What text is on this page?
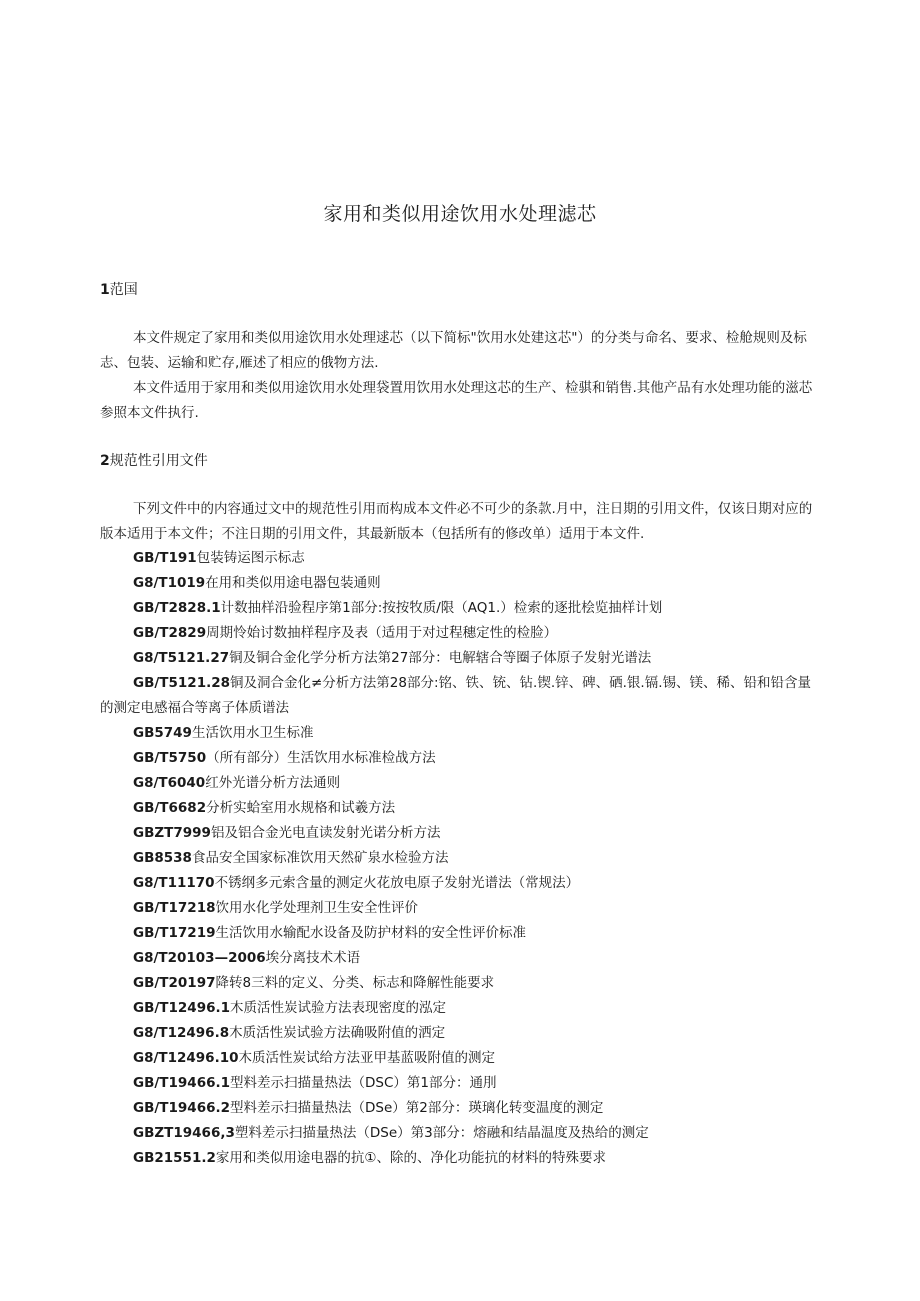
家用和类似用途饮用水处理滤芯
1范国

本文件规定了家用和类似用途饮用水处理逑芯（以下简标"饮用水处建这芯"）的分类与命名、要求、检舱规则及标志、包装、运输和贮存,雁述了相应的俄物方法.

本文件适用于家用和类似用途饮用水处理袋置用饮用水处理这芯的生产、检骐和销售.其他产品有水处理功能的滋芯参照本文件执行.

2规范性引用文件

下列文件中的内容通过文中的规范性引用而构成本文件必不可少的条款.月中，注日期的引用文件，仅该日期对应的版本适用于本文件；不注日期的引用文件，其最新版本（包括所有的修改单）适用于本文件.

GB/T191包装铸运图示标志
G8/T1019在用和类似用途电器包装通则
GB/T2828.1计数抽样沿验程序第1部分:按按牧质/限（AQ1.）检索的逐批桧览抽样计划
GB/T2829周期怜始讨数抽样程序及表（适用于对过程穗定性的检脸）
G8/T5121.27铜及铜合金化学分析方法第27部分：电解辖合等圈子体原子发射光谱法
GB/T5121.28铜及洞合金化≠分析方法第28部分:铭、铁、铳、钻.锲.锌、碑、硒.银.镉.锡、镁、稀、铅和铅含量的测定电感福合等离子体质谱法
GB5749生活饮用水卫生标准
GB/T5750（所有部分）生活饮用水标准检战方法
G8/T6040红外光谱分析方法通则
GB/T6682分析实蛤室用水规格和试羲方法
GBZT7999铝及铝合金光电直读发射光诺分析方法
GB8538食品安全国家标准饮用天然矿泉水检验方法
G8/T11170不锈纲多元索含量的测定火花放电原子发射光谱法（常规法）
GB/T17218饮用水化学处理剂卫生安全性评价
GB/T17219生活饮用水输配水设备及防护材料的安全性评价标准
G8/T20103—2006埃分离技术术语
GB/T20197降转8三料的定义、分类、标志和降解性能要求
GB/T12496.1木质活性炭试验方法表现密度的泓定
G8/T12496.8木质活性炭试验方法确吸附值的洒定
G8/T12496.10木质活性炭试给方法亚甲基蓝吸附值的测定
GB/T19466.1型料差示扫描量热法（DSC）第1部分：通刖
GB/T19466.2型料差示扫描量热法（DSe）第2部分：瑛璃化转变温度的测定
GBZT19466,3塑料差示扫描量热法（DSe）第3部分：熔融和结晶温度及热给的测定
GB21551.2家用和类似用途电器的抗①、除的、净化功能抗的材料的特殊要求
